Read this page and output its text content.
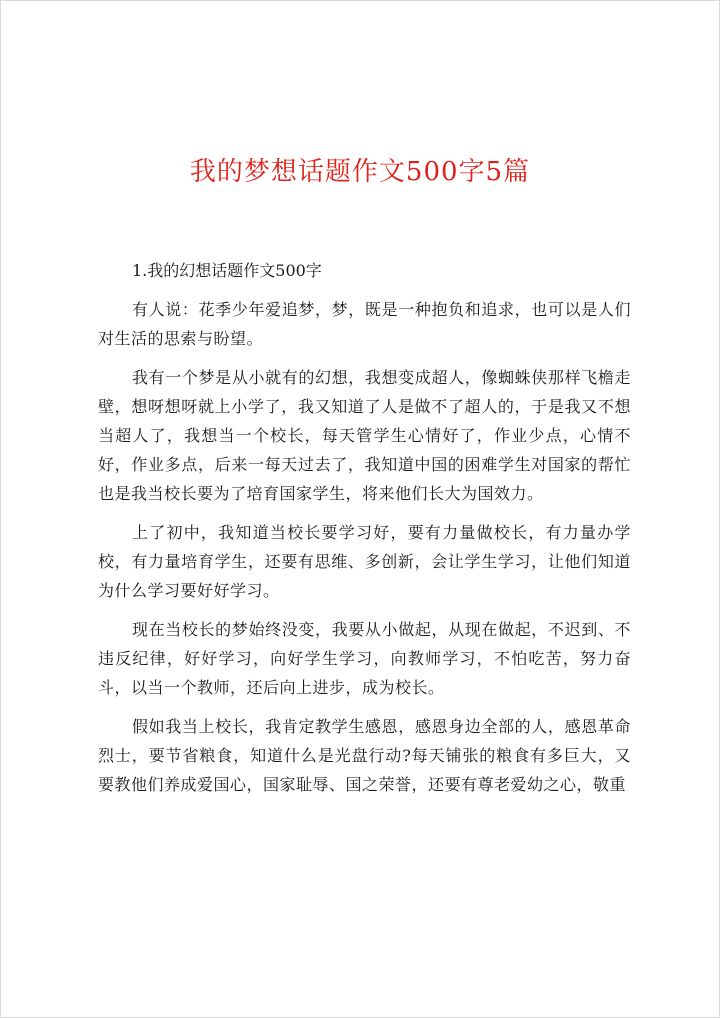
我的梦想话题作文500字5篇

1.我的幻想话题作文500字

有人说：花季少年爱追梦，梦，既是一种抱负和追求，也可以是人们对生活的思索与盼望。

我有一个梦是从小就有的幻想，我想变成超人，像蜘蛛侠那样飞檐走壁，想呀想呀就上小学了，我又知道了人是做不了超人的，于是我又不想当超人了，我想当一个校长，每天管学生心情好了，作业少点，心情不好，作业多点，后来一每天过去了，我知道中国的困难学生对国家的帮忙也是我当校长要为了培育国家学生，将来他们长大为国效力。

上了初中，我知道当校长要学习好，要有力量做校长，有力量办学校，有力量培育学生，还要有思维、多创新，会让学生学习，让他们知道为什么学习要好好学习。

现在当校长的梦始终没变，我要从小做起，从现在做起，不迟到、不违反纪律，好好学习，向好学生学习，向教师学习，不怕吃苦，努力奋斗，以当一个教师，还后向上进步，成为校长。

假如我当上校长，我肯定教学生感恩，感恩身边全部的人，感恩革命烈士，要节省粮食，知道什么是光盘行动?每天铺张的粮食有多巨大，又要教他们养成爱国心，国家耻辱、国之荣誉，还要有尊老爱幼之心，敬重
